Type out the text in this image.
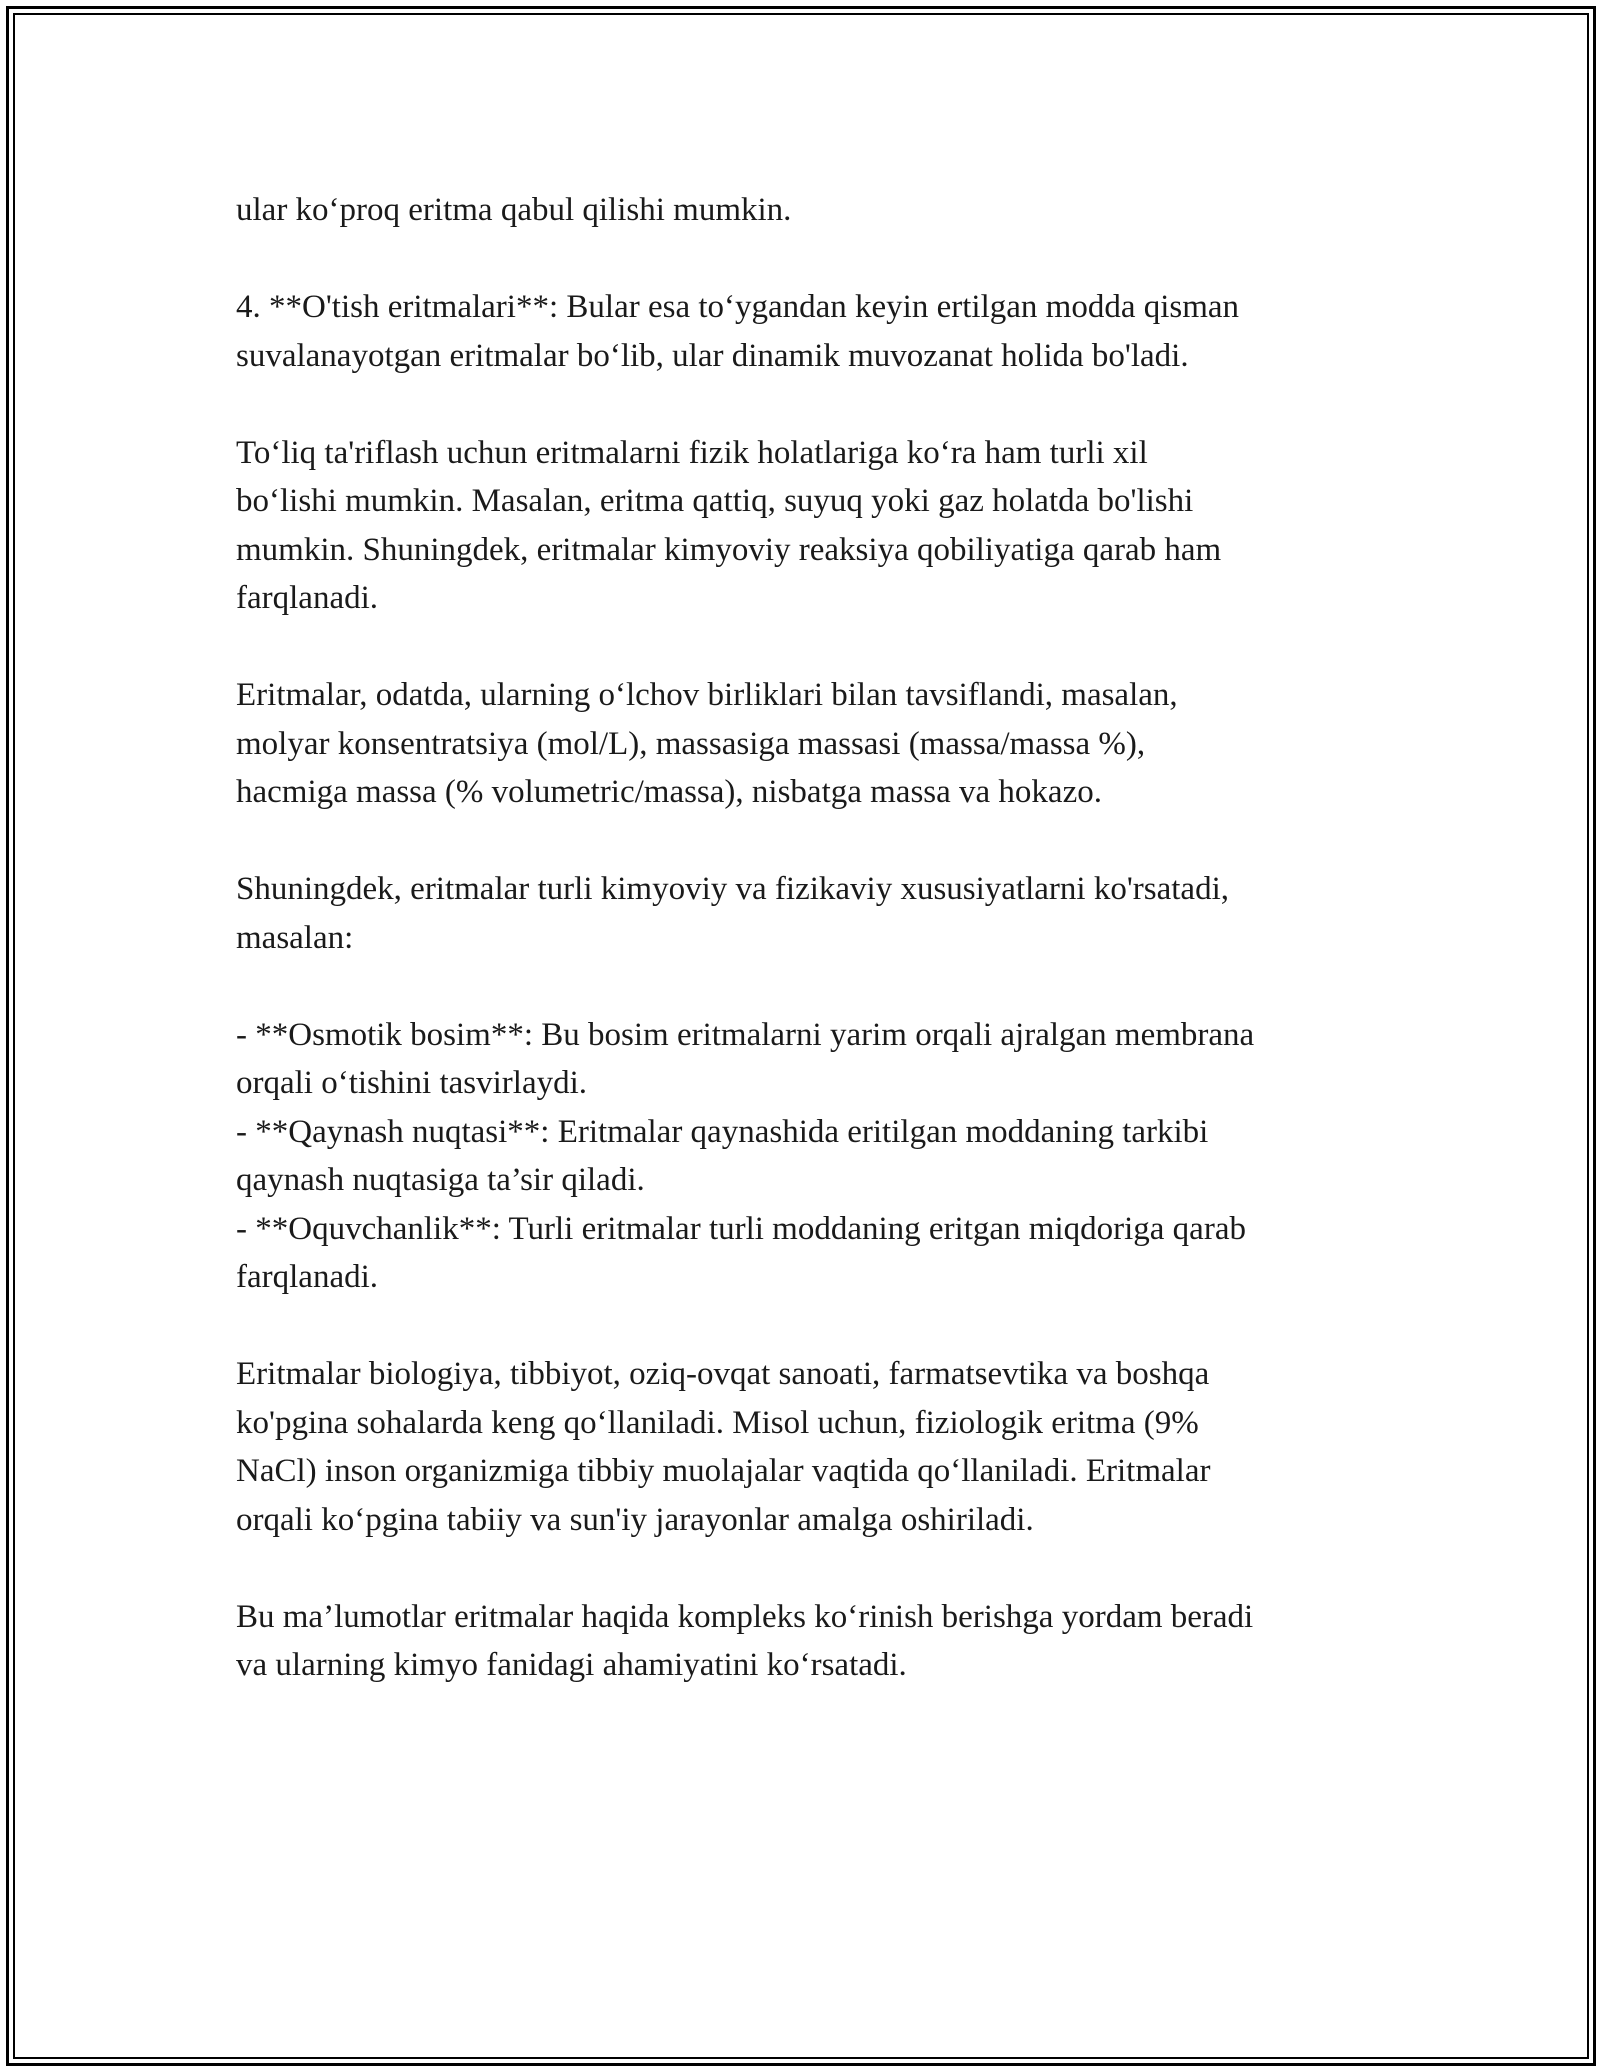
ular ko‘proq eritma qabul qilishi mumkin.

4. **O'tish eritmalari**: Bular esa to‘ygandan keyin ertilgan modda qisman
suvalanayotgan eritmalar bo‘lib, ular dinamik muvozanat holida bo'ladi.

To‘liq ta'riflash uchun eritmalarni fizik holatlariga ko‘ra ham turli xil
bo‘lishi mumkin. Masalan, eritma qattiq, suyuq yoki gaz holatda bo'lishi
mumkin. Shuningdek, eritmalar kimyoviy reaksiya qobiliyatiga qarab ham
farqlanadi.

Eritmalar, odatda, ularning o‘lchov birliklari bilan tavsiflandi, masalan,
molyar konsentratsiya (mol/L), massasiga massasi (massa/massa %),
hacmiga massa (% volumetric/massa), nisbatga massa va hokazo.

Shuningdek, eritmalar turli kimyoviy va fizikaviy xususiyatlarni ko'rsatadi,
masalan:

- **Osmotik bosim**: Bu bosim eritmalarni yarim orqali ajralgan membrana
orqali o‘tishini tasvirlaydi.
- **Qaynash nuqtasi**: Eritmalar qaynashida eritilgan moddaning tarkibi
qaynash nuqtasiga ta’sir qiladi.
- **Oquvchanlik**: Turli eritmalar turli moddaning eritgan miqdoriga qarab
farqlanadi.

Eritmalar biologiya, tibbiyot, oziq-ovqat sanoati, farmatsevtika va boshqa
ko'pgina sohalarda keng qo‘llaniladi. Misol uchun, fiziologik eritma (9%
NaCl) inson organizmiga tibbiy muolajalar vaqtida qo‘llaniladi. Eritmalar
orqali ko‘pgina tabiiy va sun'iy jarayonlar amalga oshiriladi.

Bu ma’lumotlar eritmalar haqida kompleks ko‘rinish berishga yordam beradi
va ularning kimyo fanidagi ahamiyatini ko‘rsatadi.
